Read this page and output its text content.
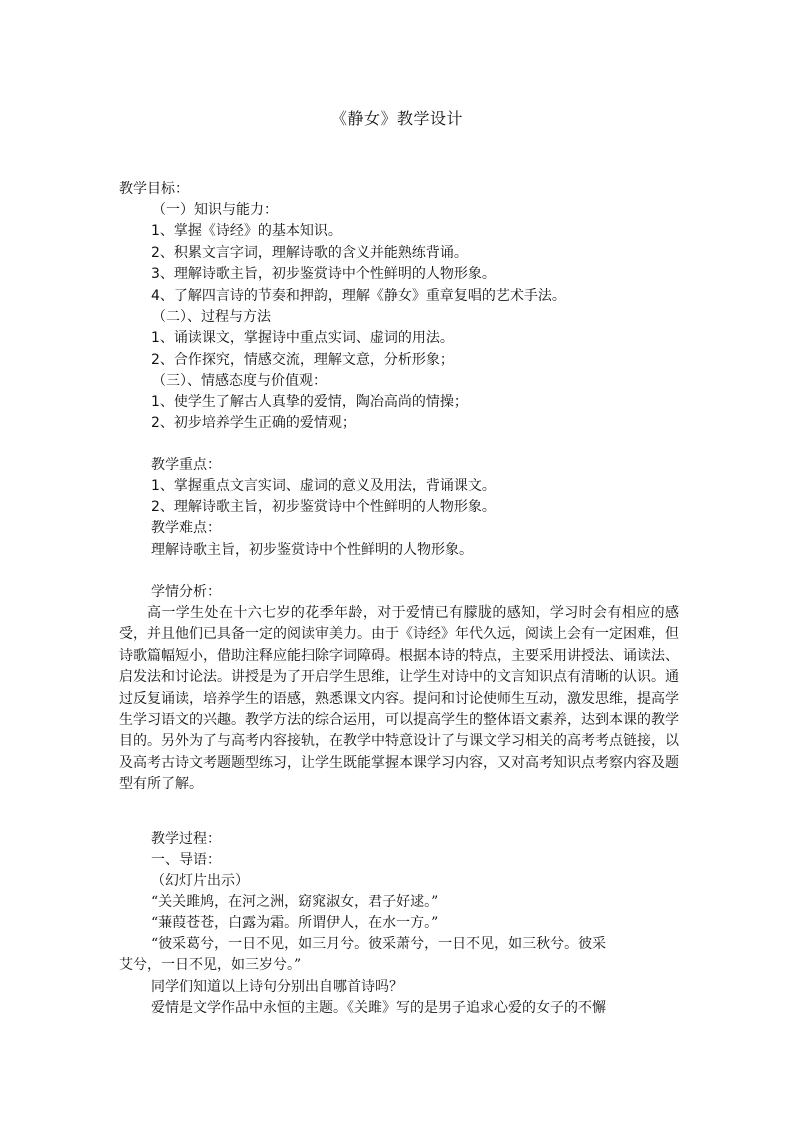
《静女》教学设计
教学目标：
（一）知识与能力：
1、掌握《诗经》的基本知识。
2、积累文言字词，理解诗歌的含义并能熟练背诵。
3、理解诗歌主旨，初步鉴赏诗中个性鲜明的人物形象。
4、了解四言诗的节奏和押韵，理解《静女》重章复唱的艺术手法。
（二）、过程与方法
1、诵读课文，掌握诗中重点实词、虚词的用法。
2、合作探究，情感交流，理解文意，分析形象；
（三）、情感态度与价值观：
1、使学生了解古人真挚的爱情，陶冶高尚的情操；
2、初步培养学生正确的爱情观；
教学重点：
1、掌握重点文言实词、虚词的意义及用法，背诵课文。
2、理解诗歌主旨，初步鉴赏诗中个性鲜明的人物形象。
教学难点：
理解诗歌主旨，初步鉴赏诗中个性鲜明的人物形象。
学情分析：
高一学生处在十六七岁的花季年龄，对于爱情已有朦胧的感知，学习时会有相应的感受，并且他们已具备一定的阅读审美力。由于《诗经》年代久远，阅读上会有一定困难，但诗歌篇幅短小，借助注释应能扫除字词障碍。根据本诗的特点，主要采用讲授法、诵读法、启发法和讨论法。讲授是为了开启学生思维，让学生对诗中的文言知识点有清晰的认识。通过反复诵读，培养学生的语感，熟悉课文内容。提问和讨论使师生互动，激发思维，提高学生学习语文的兴趣。教学方法的综合运用，可以提高学生的整体语文素养，达到本课的教学目的。另外为了与高考内容接轨，在教学中特意设计了与课文学习相关的高考考点链接，以及高考古诗文考题题型练习，让学生既能掌握本课学习内容，又对高考知识点考察内容及题型有所了解。
教学过程：
一、导语：
（幻灯片出示）
“关关雎鸠，在河之洲，窈窕淑女，君子好逑。”
“蒹葭苍苍，白露为霜。所谓伊人，在水一方。”
“彼采葛兮，一日不见，如三月兮。彼采萧兮，一日不见，如三秋兮。彼采
艾兮，一日不见，如三岁兮。”
同学们知道以上诗句分别出自哪首诗吗？
爱情是文学作品中永恒的主题。《关雎》写的是男子追求心爱的女子的不懈
